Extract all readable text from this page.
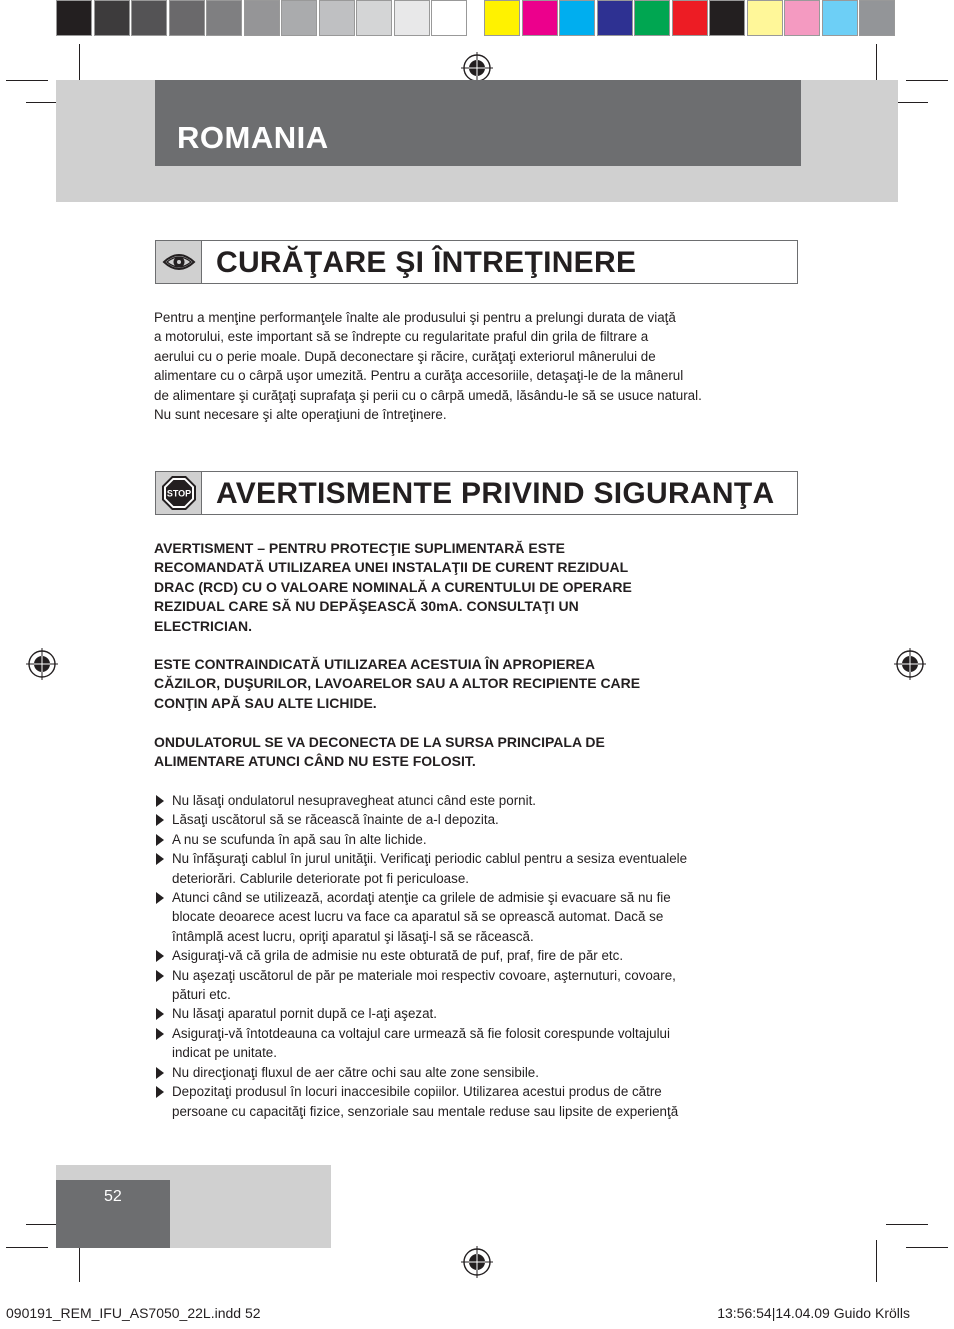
ROMANIA
CURĂŢARE ŞI ÎNTREŢINERE
Pentru a menţine performanţele înalte ale produsului şi pentru a prelungi durata de viaţă
a motorului, este important să se îndrepte cu regularitate praful din grila de filtrare a
aerului cu o perie moale. După deconectare şi răcire, curăţaţi exteriorul mânerului de
alimentare cu o cârpă uşor umezită. Pentru a curăţa accesoriile, detaşaţi-le de la mânerul
de alimentare şi curăţaţi suprafaţa şi perii cu o cârpă umedă, lăsându-le să se usuce natural.
Nu sunt necesare şi alte operaţiuni de întreţinere.
STOP AVERTISMENTE PRIVIND SIGURANŢA
AVERTISMENT – PENTRU PROTECŢIE SUPLIMENTARĂ ESTE
RECOMANDATĂ UTILIZAREA UNEI INSTALAŢII DE CURENT REZIDUAL
DRAC (RCD) CU O VALOARE NOMINALĂ A CURENTULUI DE OPERARE
REZIDUAL CARE SĂ NU DEPĂŞEASCĂ 30mA. CONSULTAŢI UN
ELECTRICIAN.
ESTE CONTRAINDICATĂ UTILIZAREA ACESTUIA ÎN APROPIEREA
CĂZILOR, DUŞURILOR, LAVOARELOR SAU A ALTOR RECIPIENTE CARE
CONŢIN APĂ SAU ALTE LICHIDE.
ONDULATORUL SE VA DECONECTA DE LA SURSA PRINCIPALA DE
ALIMENTARE ATUNCI CÂND NU ESTE FOLOSIT.
Nu lăsaţi ondulatorul nesupravegheat atunci când este pornit.
Lăsaţi uscătorul să se răcească înainte de a-l depozita.
A nu se scufunda în apă sau în alte lichide.
Nu înfăşuraţi cablul în jurul unităţii. Verificaţi periodic cablul pentru a sesiza eventualele
deteriorări. Cablurile deteriorate pot fi periculoase.
Atunci când se utilizează, acordaţi atenţie ca grilele de admisie şi evacuare să nu fie
blocate deoarece acest lucru va face ca aparatul să se oprească automat. Dacă se
întâmplă acest lucru, opriţi aparatul şi lăsaţi-l să se răcească.
Asiguraţi-vă că grila de admisie nu este obturată de puf, praf, fire de păr etc.
Nu aşezaţi uscătorul de păr pe materiale moi respectiv covoare, aşternuturi, covoare,
pături etc.
Nu lăsaţi aparatul pornit după ce l-aţi aşezat.
Asiguraţi-vă întotdeauna ca voltajul care urmează să fie folosit corespunde voltajului
indicat pe unitate.
Nu direcţionaţi fluxul de aer către ochi sau alte zone sensibile.
Depozitaţi produsul în locuri inaccesibile copiilor. Utilizarea acestui produs de către
persoane cu capacităţi fizice, senzoriale sau mentale reduse sau lipsite de experienţă
52
090191_REM_IFU_AS7050_22L.indd 52	13:56:54|14.04.09 Guido Krölls
